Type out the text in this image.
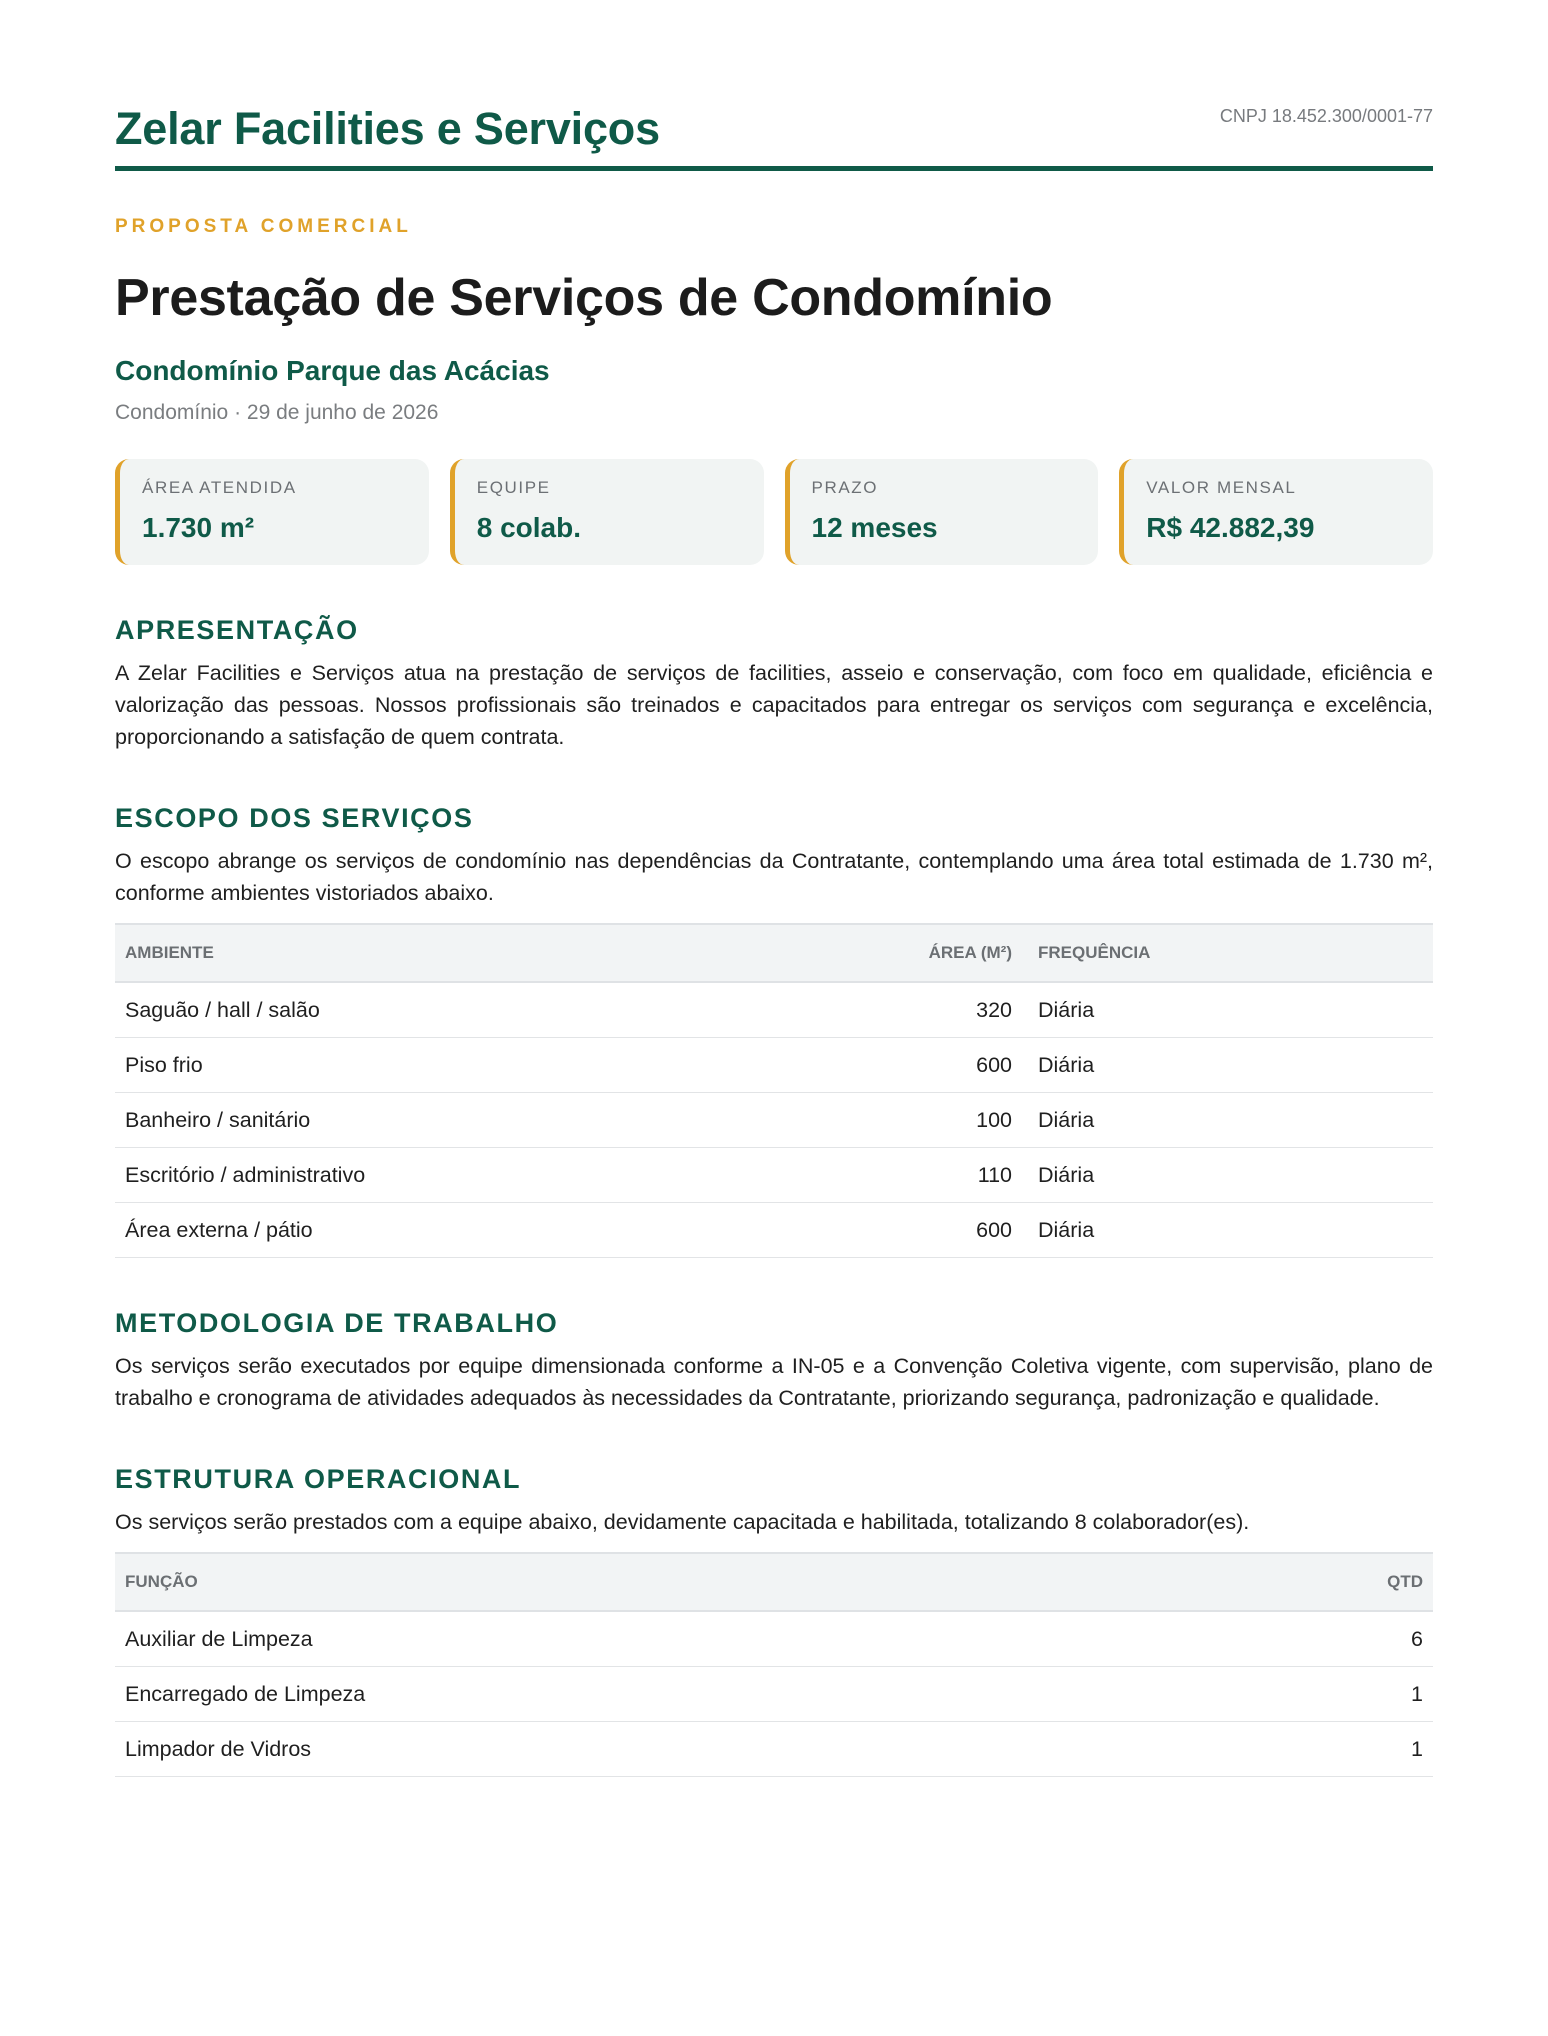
Zelar Facilities e Serviços	CNPJ 18.452.300/0001-77
PROPOSTA COMERCIAL
Prestação de Serviços de Condomínio
Condomínio Parque das Acácias
Condomínio · 29 de junho de 2026
ÁREA ATENDIDA
1.730 m²
EQUIPE
8 colab.
PRAZO
12 meses
VALOR MENSAL
R$ 42.882,39
APRESENTAÇÃO
A Zelar Facilities e Serviços atua na prestação de serviços de facilities, asseio e conservação, com foco em qualidade, eficiência e valorização das pessoas. Nossos profissionais são treinados e capacitados para entregar os serviços com segurança e excelência, proporcionando a satisfação de quem contrata.
ESCOPO DOS SERVIÇOS
O escopo abrange os serviços de condomínio nas dependências da Contratante, contemplando uma área total estimada de 1.730 m², conforme ambientes vistoriados abaixo.
AMBIENTE	ÁREA (M²)	FREQUÊNCIA
Saguão / hall / salão	320	Diária
Piso frio	600	Diária
Banheiro / sanitário	100	Diária
Escritório / administrativo	110	Diária
Área externa / pátio	600	Diária
METODOLOGIA DE TRABALHO
Os serviços serão executados por equipe dimensionada conforme a IN-05 e a Convenção Coletiva vigente, com supervisão, plano de trabalho e cronograma de atividades adequados às necessidades da Contratante, priorizando segurança, padronização e qualidade.
ESTRUTURA OPERACIONAL
Os serviços serão prestados com a equipe abaixo, devidamente capacitada e habilitada, totalizando 8 colaborador(es).
FUNÇÃO	QTD
Auxiliar de Limpeza	6
Encarregado de Limpeza	1
Limpador de Vidros	1
